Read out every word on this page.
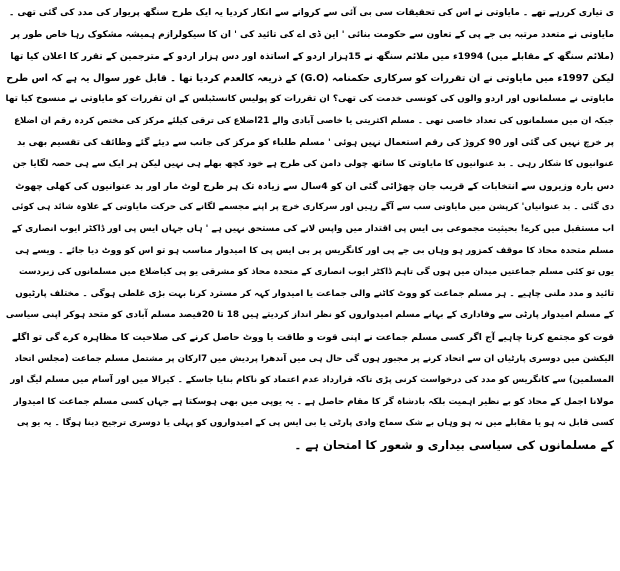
ی تیاری کررہے تھے ۔ مایاوتی نے اس کی تحقیقات سی بی آئی سے کروانے سے انکار کردیا یہ ایک طرح سنگھ پریوار کی مدد کی گئی تھی ۔
مایاوتی نے متعدد مرتبہ بی جے پی کے تعاون سے حکومت بنائی ' این ڈی اے کی تائید کی ' ان کا سیکولرازم ہمیشہ مشکوک رہا خاص طور پر
(ملائم سنگھ کے مقابلے میں) 1994ء میں ملائم سنگھ نے 15ہزار اردو کے اساتذہ اور دس ہزار اردو کے مترجمین کے تقرر کا اعلان کیا تھا
لیکن 1997ء میں مایاوتی نے ان تقررات کو سرکاری حکمنامہ (G.O) کے ذریعہ کالعدم کردیا تھا ۔ قابل غور سوال یہ ہے کہ اس طرح
مایاوتی نے مسلمانوں اور اردو والوں کی کونسی خدمت کی تھی؟ ان تقررات کو پولیس کانسٹبلس کے ان تقررات کو مایاوتی نے منسوخ کیا تھا
جبکہ ان میں مسلمانوں کی تعداد خاصی تھی ۔ مسلم اکثریتی یا خاصی آبادی والے 21اضلاع کی ترقی کیلئے مرکز کی مختص کردہ رقم ان اضلاع
پر خرچ نہیں کی گئی اور 90 کروڑ کی رقم استعمال نہیں ہوئی ' مسلم طلباء کو مرکز کی جانب سے دیئے گئے وظائف کی تقسیم بھی بد
عنوانیوں کا شکار رہی ۔ بد عنوانیوں کا مایاوتی کا ساتھ چولی دامن کی طرح ہے خود کچھ بھلے ہی نہیں لیکن ہر ایک سے ہی حصہ لگایا جن
دس بارہ وزیروں سے انتخابات کے قریب جان چھڑائی گئی ان کو 4سال سے زیادہ تک ہر طرح لوٹ مار اور بد عنوانیوں کی کھلی چھوٹ
دی گئی ۔ بد عنوانیاں' کرپشن میں مایاوتی سب سے آگے رہیں اور سرکاری خرچ پر اپنے مجسمے لگانے کی حرکت مایاوتی کے علاوہ شائد ہی کوئی
اب مستقبل میں کرے! بحیثیت مجموعی بی ایس پی اقتدار میں واپس لانے کی مستحق نہیں ہے ' ہاں جہاں ایس پی اور ڈاکٹر ایوب انصاری کے
مسلم متحدہ محاذ کا موقف کمزور ہو وہاں بی جے پی اور کانگریس پر بی ایس پی کا امیدوار مناسب ہو تو اس کو ووٹ دیا جائے ۔ ویسے ہی
یوں تو کئی مسلم جماعتیں میدان میں ہوں گی تاہم ڈاکٹر ایوب انصاری کے متحدہ محاذ کو مشرقی یو پی کیاضلاع میں مسلمانوں کی زبردست
تائید و مدد ملنی چاہیے ۔ ہر مسلم جماعت کو ووٹ کاٹنے والی جماعت یا امیدوار کہہ کر مسترد کرنا بہت بڑی غلطی ہوگی ۔ مختلف پارٹیوں
کے مسلم امیدوار پارٹی سے وفاداری کے بہانے مسلم امیدواروں کو نظر انداز کردیتے ہیں 18 تا 20فیصد مسلم آبادی کو متحد ہوکر اپنی سیاسی
قوت کو مجتمع کرنا چاہیے آج اگر کسی مسلم جماعت نے اپنی قوت و طاقت یا ووٹ حاصل کرنے کی صلاحیت کا مظاہرہ کرے گی تو اگلے
الیکشن میں دوسری پارٹیاں ان سے اتحاد کرنے پر مجبور ہوں گی حال ہی میں آندھرا پردیش میں 7ارکان پر مشتمل مسلم جماعت (مجلس اتحاد
المسلمین) سے کانگریس کو مدد کی درخواست کرنی پڑی تاکہ قرارداد عدم اعتماد کو ناکام بنایا جاسکے ۔ کیرالا میں اور آسام میں مسلم لیگ اور
مولانا اجمل کے محاذ کو بے نظیر اہمیت بلکہ بادشاہ گر کا مقام حاصل ہے ۔ یہ یوپی میں بھی ہوسکتا ہے جہاں کسی مسلم جماعت کا امیدوار
کسی قابل نہ ہو یا مقابلے میں نہ ہو وہاں بے شک سماج وادی پارٹی یا بی ایس پی کے امیدواروں کو پہلی یا دوسری ترجیح دینا ہوگا ۔ یہ یو پی
کے مسلمانوں کی سیاسی بیداری و شعور کا امتحان ہے ۔
